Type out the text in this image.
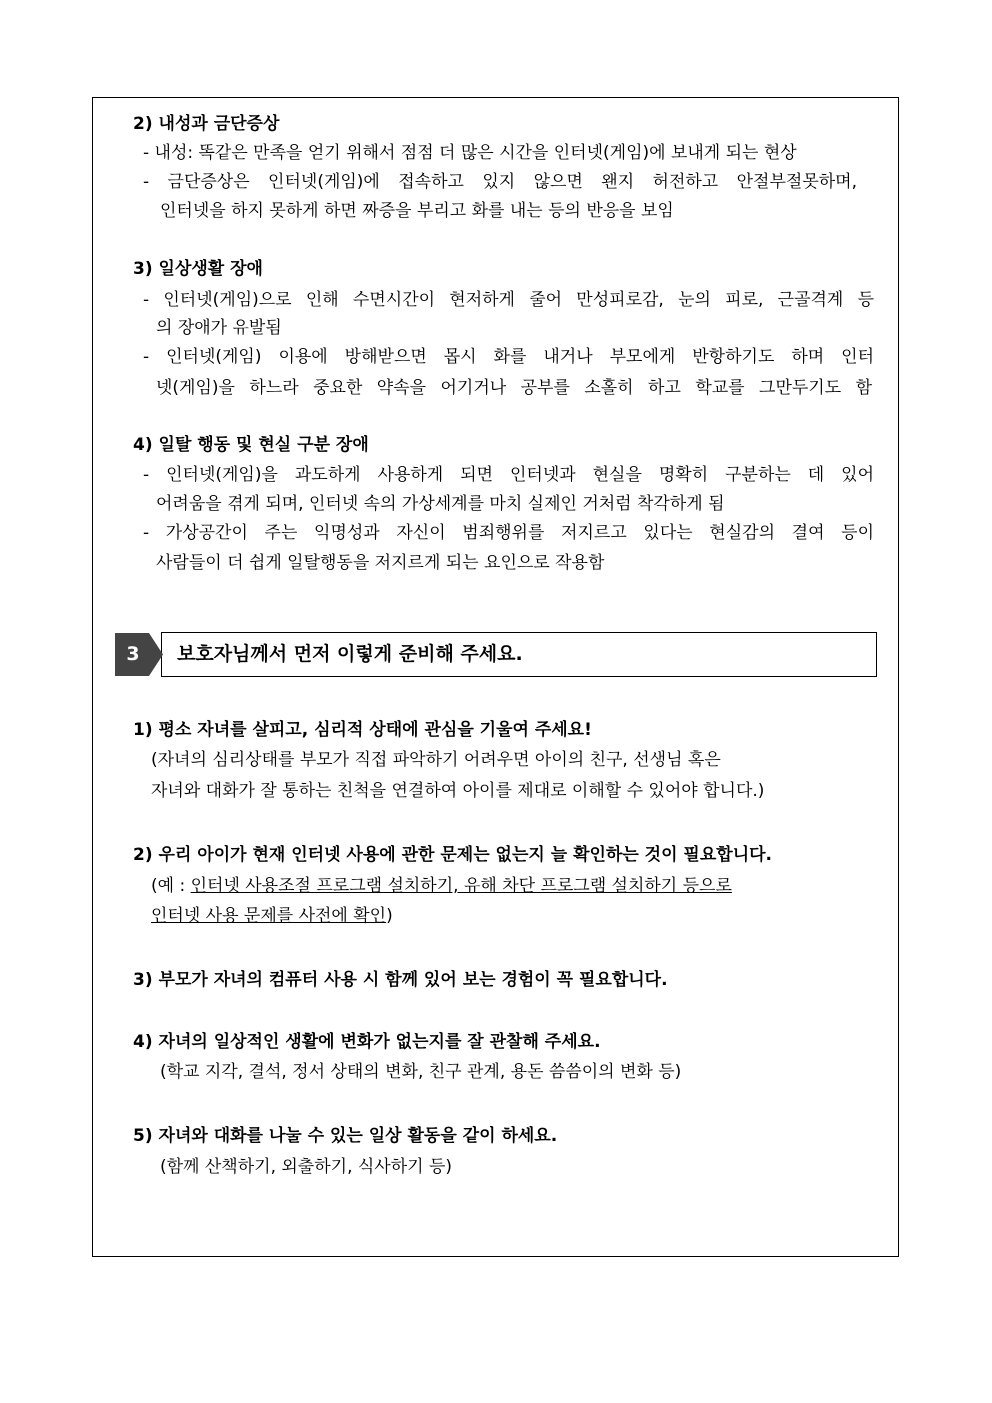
2) 내성과 금단증상
- 내성: 똑같은 만족을 얻기 위해서 점점 더 많은 시간을 인터넷(게임)에 보내게 되는 현상
- 금단증상은 인터넷(게임)에 접속하고 있지 않으면 왠지 허전하고 안절부절못하며,
인터넷을 하지 못하게 하면 짜증을 부리고 화를 내는 등의 반응을 보임
3) 일상생활 장애
- 인터넷(게임)으로 인해 수면시간이 현저하게 줄어 만성피로감, 눈의 피로, 근골격계 등
의 장애가 유발됨
- 인터넷(게임) 이용에 방해받으면 몹시 화를 내거나 부모에게 반항하기도 하며 인터
넷(게임)을 하느라 중요한 약속을 어기거나 공부를 소홀히 하고 학교를 그만두기도 함
4) 일탈 행동 및 현실 구분 장애
- 인터넷(게임)을 과도하게 사용하게 되면 인터넷과 현실을 명확히 구분하는 데 있어
어려움을 겪게 되며, 인터넷 속의 가상세계를 마치 실제인 거처럼 착각하게 됨
- 가상공간이 주는 익명성과 자신이 범죄행위를 저지르고 있다는 현실감의 결여 등이
사람들이 더 쉽게 일탈행동을 저지르게 되는 요인으로 작용함
3	보호자님께서 먼저 이렇게 준비해 주세요.
1) 평소 자녀를 살피고, 심리적 상태에 관심을 기울여 주세요!
(자녀의 심리상태를 부모가 직접 파악하기 어려우면 아이의 친구, 선생님 혹은
자녀와 대화가 잘 통하는 친척을 연결하여 아이를 제대로 이해할 수 있어야 합니다.)
2) 우리 아이가 현재 인터넷 사용에 관한 문제는 없는지 늘 확인하는 것이 필요합니다.
(예 : 인터넷 사용조절 프로그램 설치하기, 유해 차단 프로그램 설치하기 등으로
인터넷 사용 문제를 사전에 확인)
3) 부모가 자녀의 컴퓨터 사용 시 함께 있어 보는 경험이 꼭 필요합니다.
4) 자녀의 일상적인 생활에 변화가 없는지를 잘 관찰해 주세요.
(학교 지각, 결석, 정서 상태의 변화, 친구 관계, 용돈 씀씀이의 변화 등)
5) 자녀와 대화를 나눌 수 있는 일상 활동을 같이 하세요.
(함께 산책하기, 외출하기, 식사하기 등)
